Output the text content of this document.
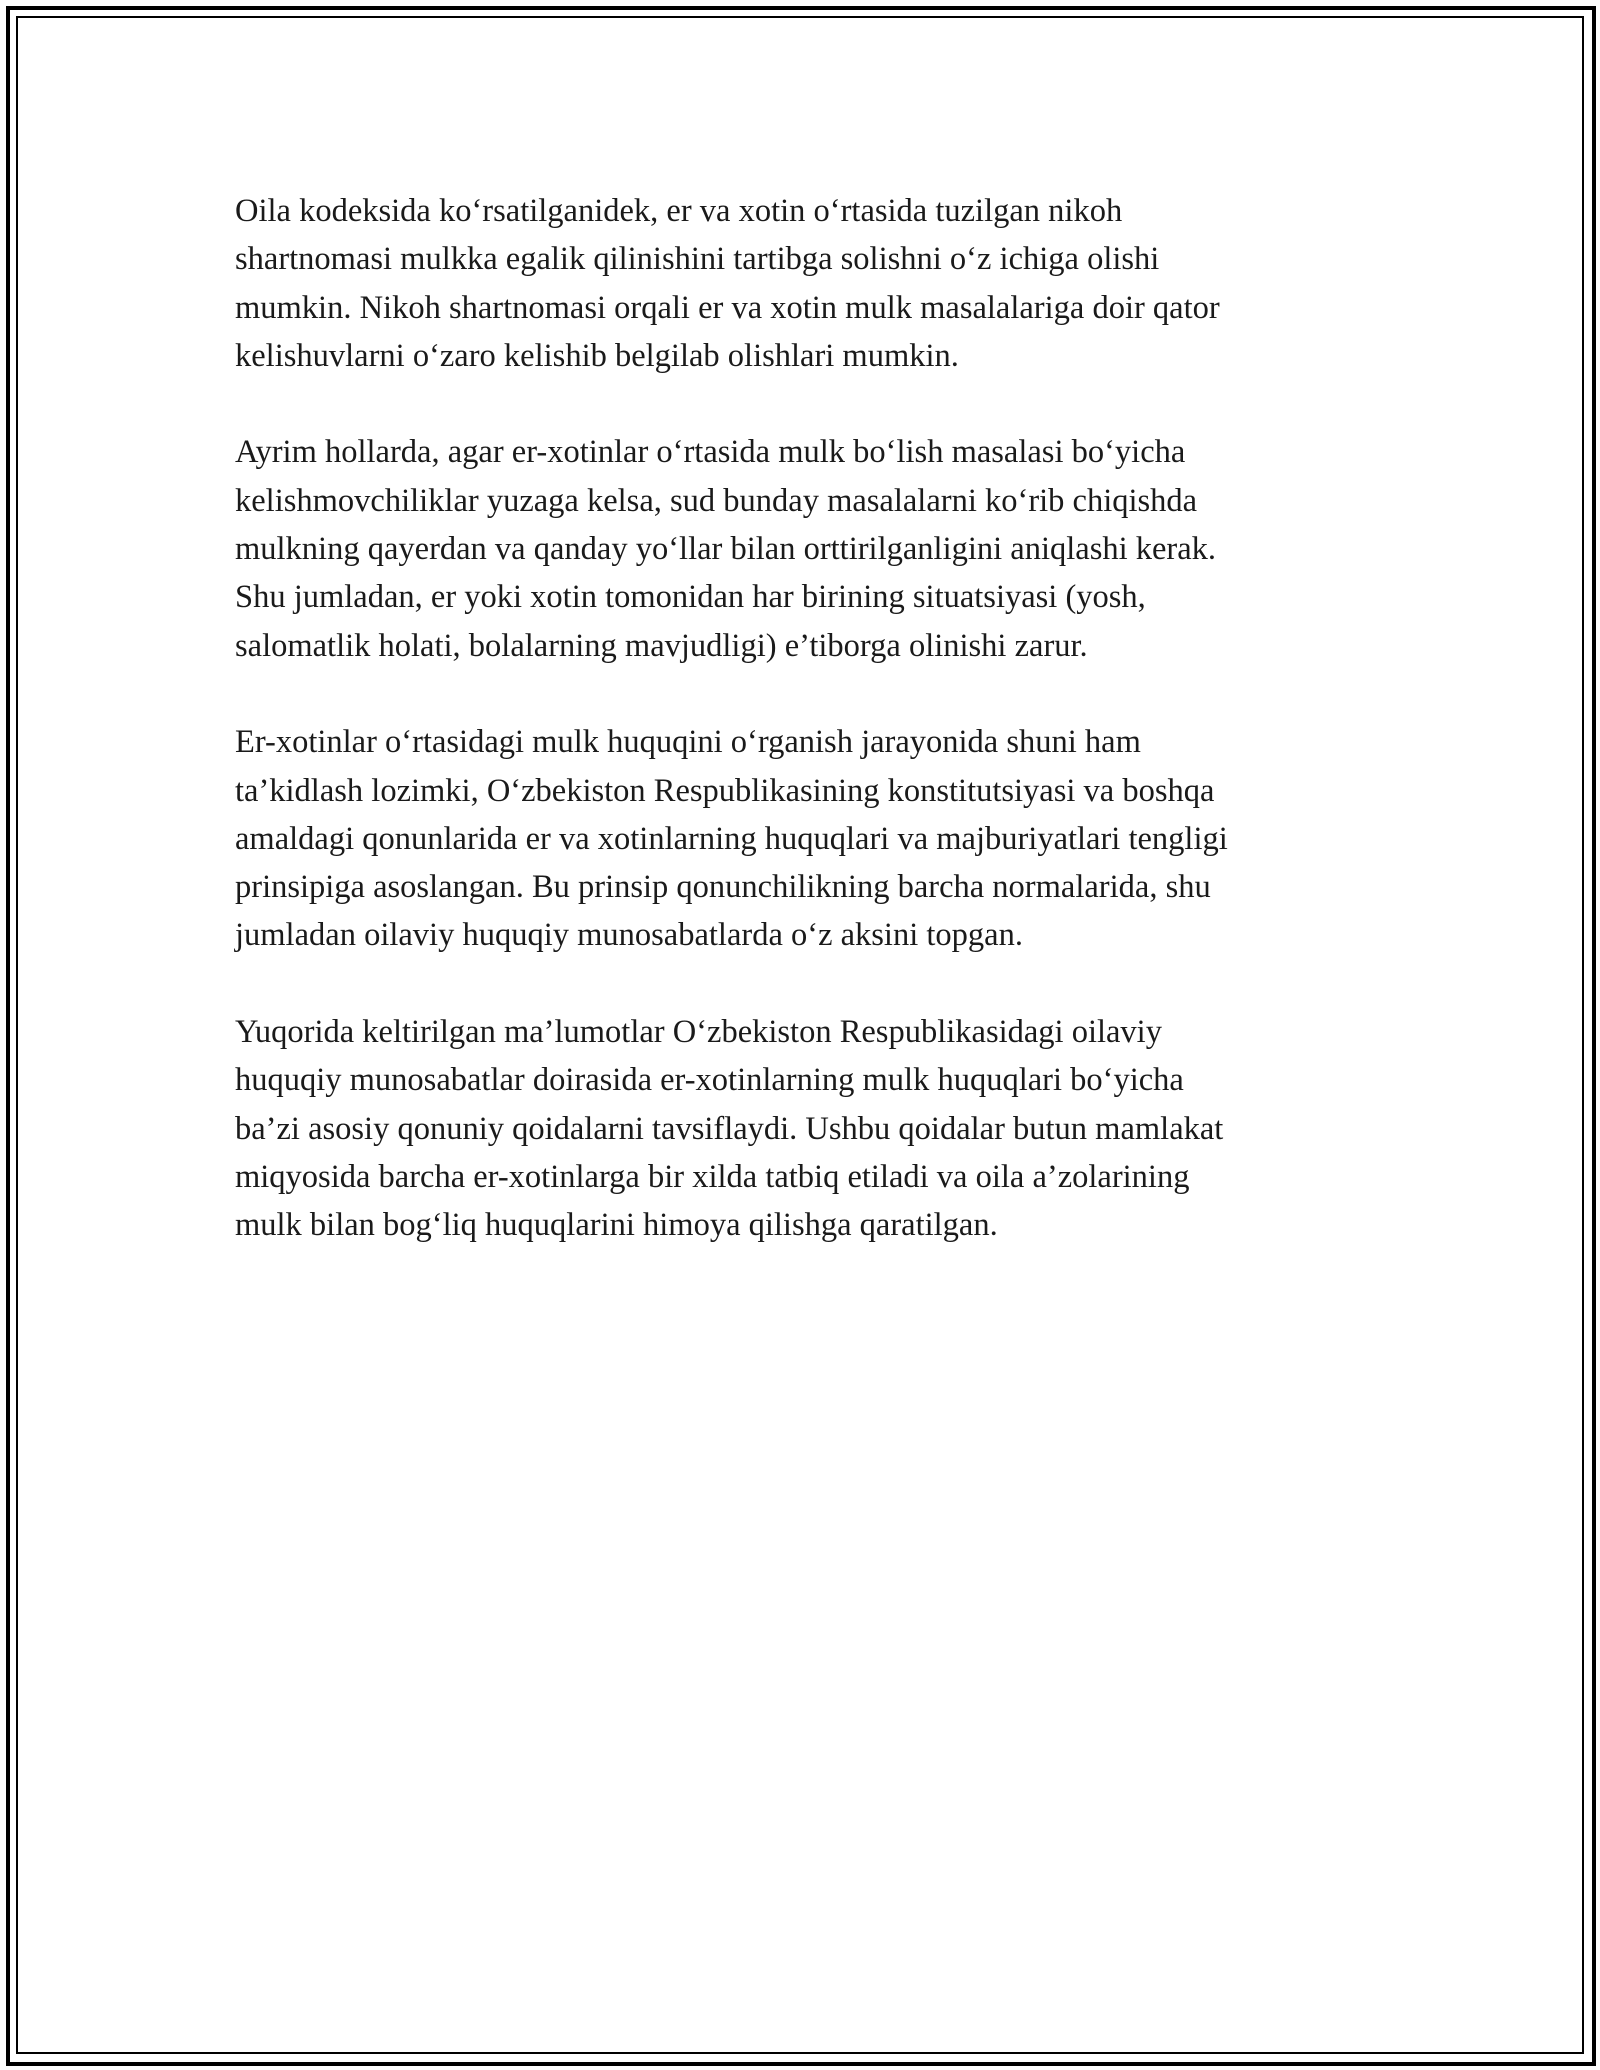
Oila kodeksida ko‘rsatilganidek, er va xotin o‘rtasida tuzilgan nikoh
shartnomasi mulkka egalik qilinishini tartibga solishni o‘z ichiga olishi
mumkin. Nikoh shartnomasi orqali er va xotin mulk masalalariga doir qator
kelishuvlarni o‘zaro kelishib belgilab olishlari mumkin.

Ayrim hollarda, agar er-xotinlar o‘rtasida mulk bo‘lish masalasi bo‘yicha
kelishmovchiliklar yuzaga kelsa, sud bunday masalalarni ko‘rib chiqishda
mulkning qayerdan va qanday yo‘llar bilan orttirilganligini aniqlashi kerak.
Shu jumladan, er yoki xotin tomonidan har birining situatsiyasi (yosh,
salomatlik holati, bolalarning mavjudligi) e’tiborga olinishi zarur.

Er-xotinlar o‘rtasidagi mulk huquqini o‘rganish jarayonida shuni ham
ta’kidlash lozimki, O‘zbekiston Respublikasining konstitutsiyasi va boshqa
amaldagi qonunlarida er va xotinlarning huquqlari va majburiyatlari tengligi
prinsipiga asoslangan. Bu prinsip qonunchilikning barcha normalarida, shu
jumladan oilaviy huquqiy munosabatlarda o‘z aksini topgan.

Yuqorida keltirilgan ma’lumotlar O‘zbekiston Respublikasidagi oilaviy
huquqiy munosabatlar doirasida er-xotinlarning mulk huquqlari bo‘yicha
ba’zi asosiy qonuniy qoidalarni tavsiflaydi. Ushbu qoidalar butun mamlakat
miqyosida barcha er-xotinlarga bir xilda tatbiq etiladi va oila a’zolarining
mulk bilan bog‘liq huquqlarini himoya qilishga qaratilgan.
